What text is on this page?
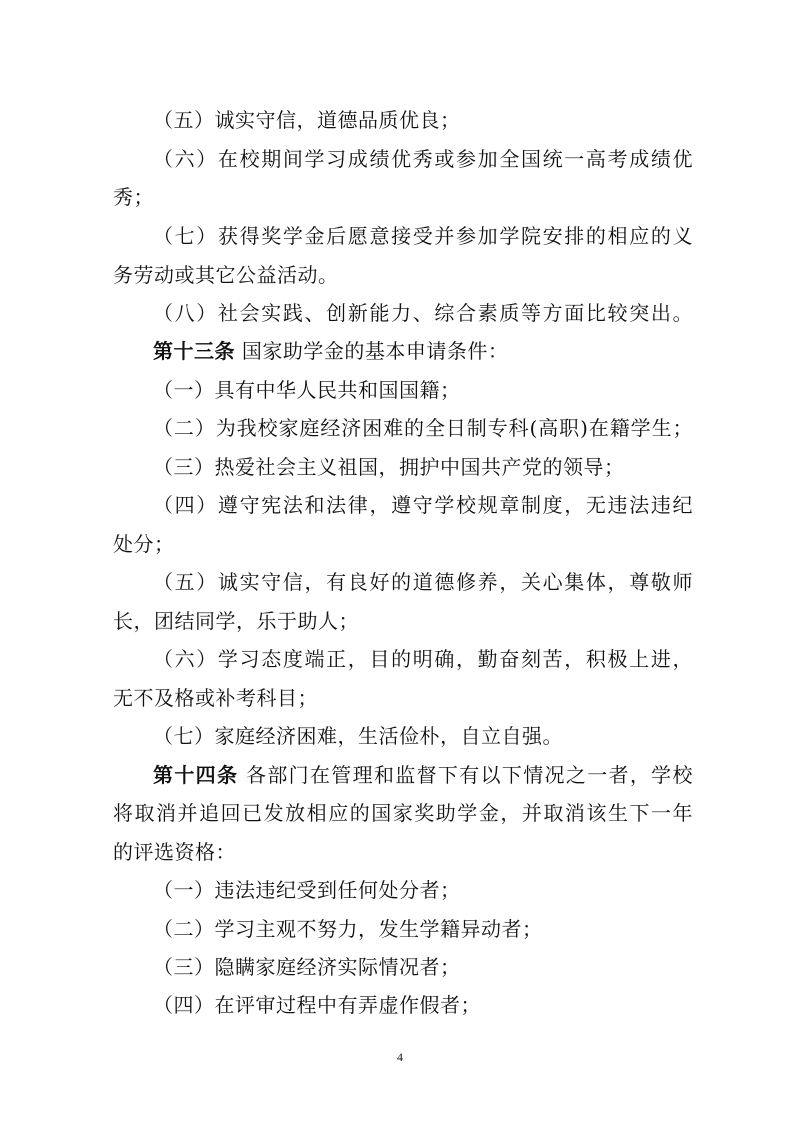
（五）诚实守信，道德品质优良；
（六）在校期间学习成绩优秀或参加全国统一高考成绩优
秀；
（七）获得奖学金后愿意接受并参加学院安排的相应的义
务劳动或其它公益活动。
（八）社会实践、创新能力、综合素质等方面比较突出。
第十三条 国家助学金的基本申请条件：
（一）具有中华人民共和国国籍；
（二）为我校家庭经济困难的全日制专科(高职)在籍学生；
（三）热爱社会主义祖国，拥护中国共产党的领导；
（四）遵守宪法和法律，遵守学校规章制度，无违法违纪
处分；
（五）诚实守信，有良好的道德修养，关心集体，尊敬师
长，团结同学，乐于助人；
（六）学习态度端正，目的明确，勤奋刻苦，积极上进，
无不及格或补考科目；
（七）家庭经济困难，生活俭朴，自立自强。
第十四条 各部门在管理和监督下有以下情况之一者，学校
将取消并追回已发放相应的国家奖助学金，并取消该生下一年
的评选资格：
（一）违法违纪受到任何处分者；
（二）学习主观不努力，发生学籍异动者；
（三）隐瞒家庭经济实际情况者；
（四）在评审过程中有弄虚作假者；
4
